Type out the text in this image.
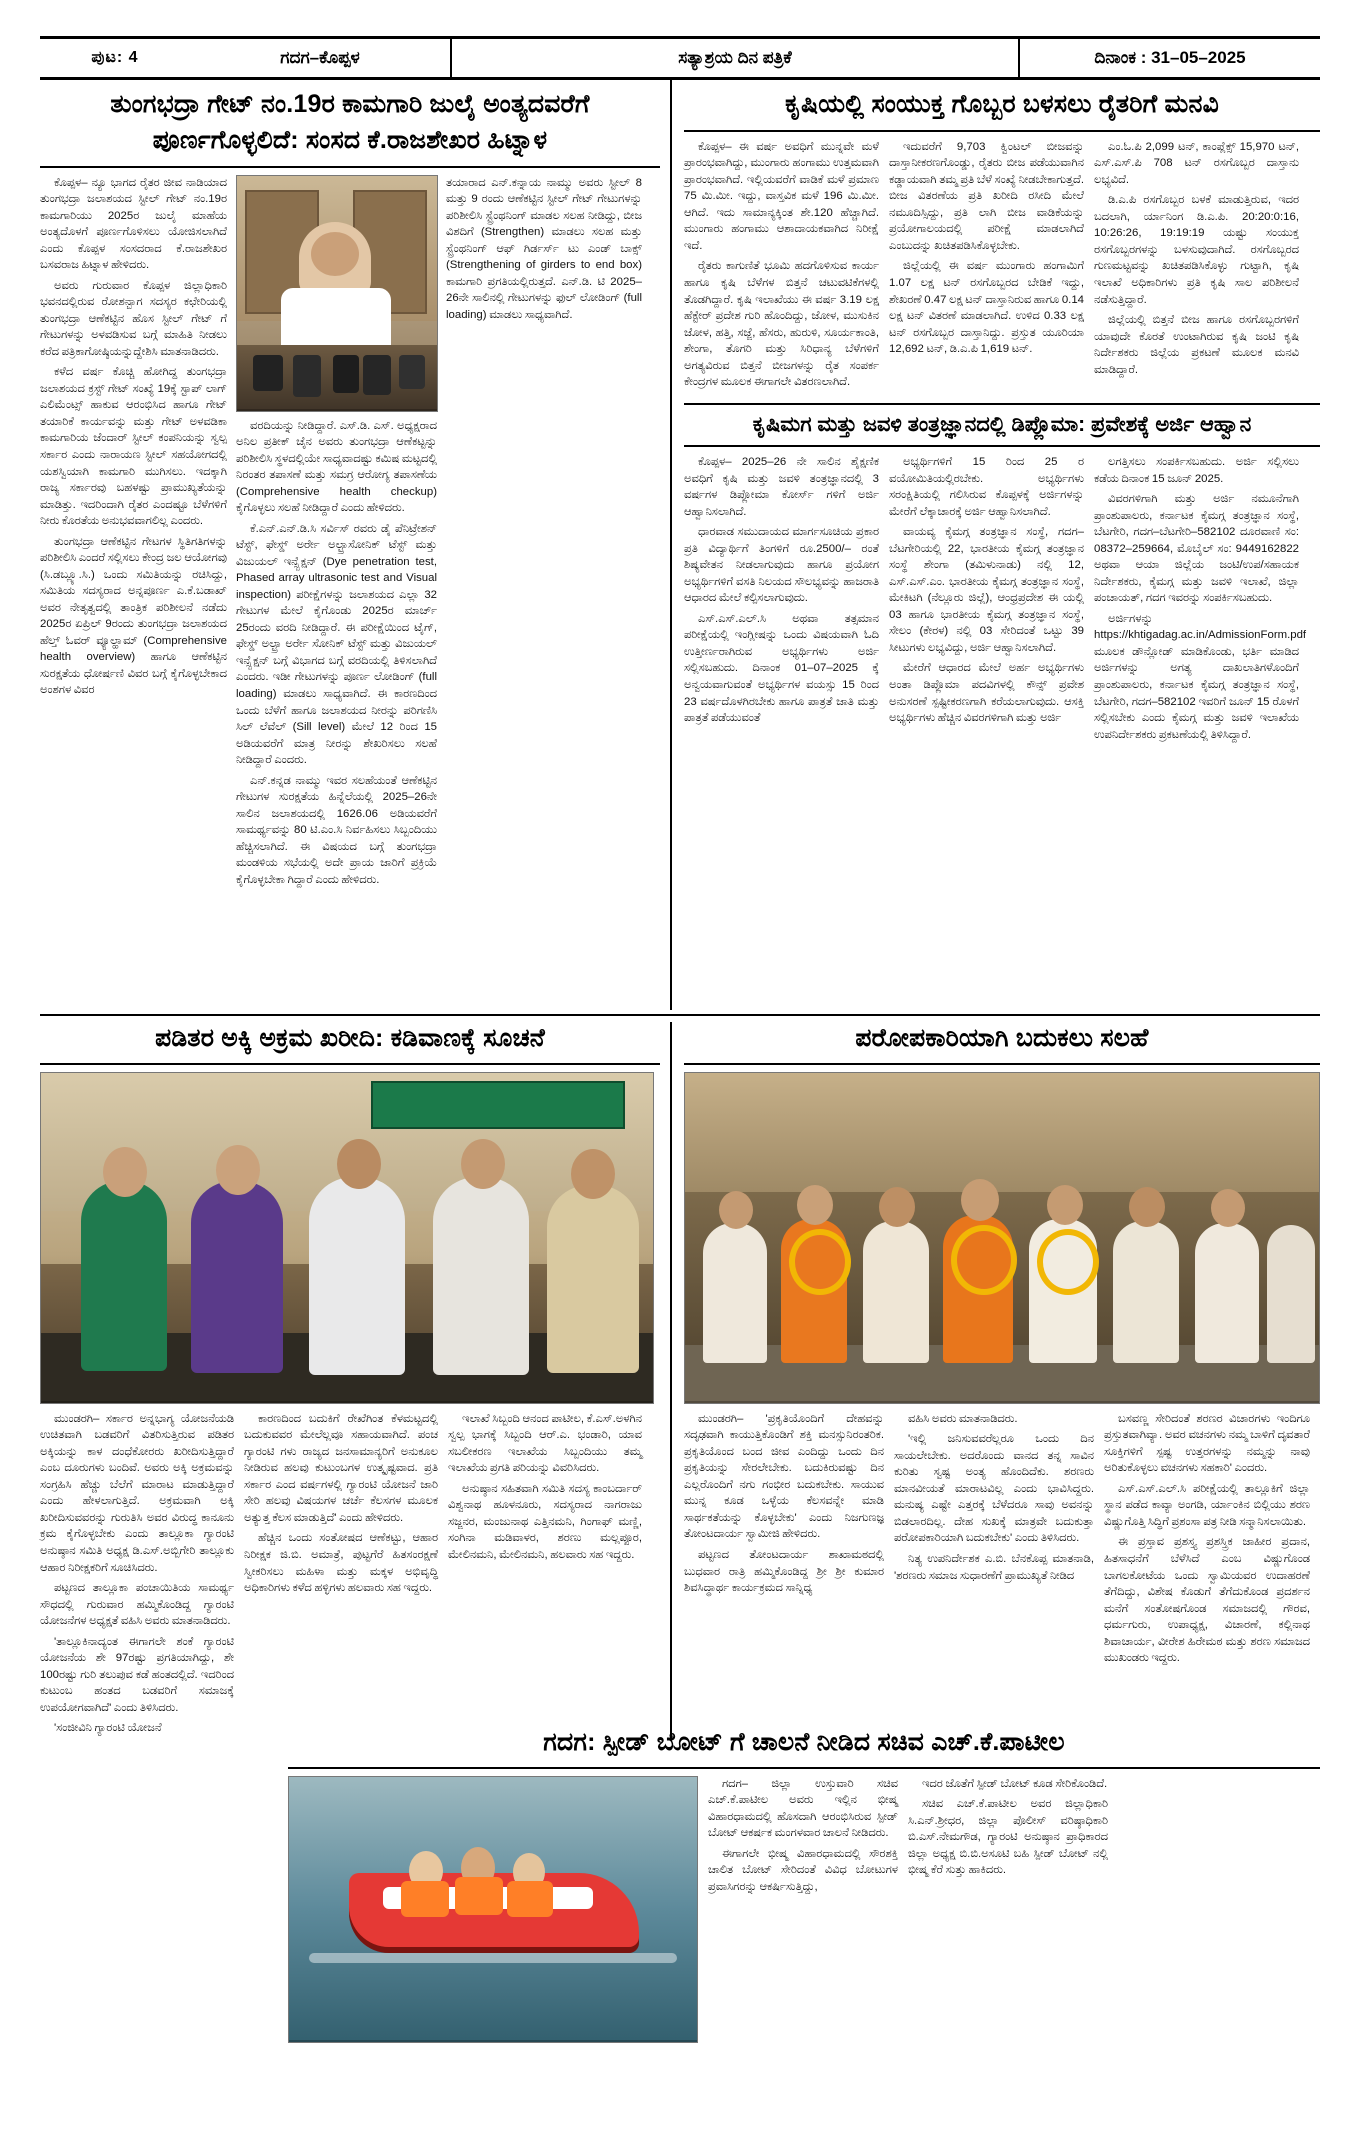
ಪುಟ: 4	ಗದಗ–ಕೊಪ್ಪಳ	ಸತ್ಯಾಶ್ರಯ ದಿನ ಪತ್ರಿಕೆ	ದಿನಾಂಕ : 31–05–2025
ತುಂಗಭದ್ರಾ ಗೇಟ್ ನಂ.19ರ ಕಾಮಗಾರಿ ಜುಲೈ ಅಂತ್ಯದವರೆಗೆ
ಪೂರ್ಣಗೊಳ್ಳಲಿದೆ: ಸಂಸದ ಕೆ.ರಾಜಶೇಖರ ಹಿಟ್ನಾಳ

ಕೊಪ್ಪಳ– ನ್ಯೂ ಭಾಗದ ರೈತರ ಜೀವ ನಾಡಿಯಾದ ತುಂಗಭದ್ರಾ ಜಲಾಶಯದ ಸ್ಟೀಲ್ ಗೇಟ್ ನಂ.19ರ ಕಾಮಗಾರಿಯು 2025ರ ಜುಲೈ ಮಾಹೆಯ ಅಂತ್ಯದೊಳಗೆ ಪೂರ್ಣಗೊಳಿಸಲು ಯೋಜಿಸಲಾಗಿದೆ ಎಂದು ಕೊಪ್ಪಳ ಸಂಸದರಾದ ಕೆ.ರಾಜಶೇಖರ ಬಸವರಾಜ ಹಿಟ್ನಾಳ ಹೇಳಿದರು.

ಅವರು ಗುರುವಾರ ಕೊಪ್ಪಳ ಜಿಲ್ಲಾಧಿಕಾರಿ ಭವನದಲ್ಲಿರುವ ರೋಶನ್ಬಾಗ ಸದಸ್ಯರ ಕಛೇರಿಯಲ್ಲಿ ತುಂಗಭದ್ರಾ ಆಣೆಕಟ್ಟಿನ ಹೊಸ ಸ್ಟೀಲ್ ಗೇಟ್ ಗೆ ಗೇಟುಗಳನ್ನು ಅಳವಡಿಸುವ ಬಗ್ಗೆ ಮಾಹಿತಿ ನೀಡಲು ಕರೆದ ಪತ್ರಿಕಾಗೋಷ್ಠಿಯನ್ನುದ್ದೇಶಿಸಿ ಮಾತನಾಡಿದರು.

ಕಳೆದ ವರ್ಷ ಕೊಚ್ಚಿ ಹೋಗಿದ್ದ ತುಂಗಭದ್ರಾ ಜಲಾಶಯದ ಕ್ರಸ್ಟ್ ಗೇಟ್ ಸಂಖ್ಯೆ 19ಕ್ಕೆ ಸ್ಟಾಪ್ ಲಾಗ್ ಎಲಿಮೆಂಟ್ಸ್ ಹಾಕುವ ಆರಂಭಿಸಿದ ಹಾಗೂ ಗೇಟ್ ತಯಾರಿಕೆ ಕಾರ್ಯವನ್ನು ಮತ್ತು ಗೇಟ್ ಅಳವಡಿಕಾ ಕಾಮಗಾರಿಯ ಜೆಂದಾರ್ ಸ್ಟೀಲ್ ಕಂಪನಿಯನ್ನು ಸ್ವಲ್ಪ ಸರ್ಕಾರ ಎಂದು ನಾರಾಯಣ ಸ್ಟೀಲ್ ಸಹಯೋಗದಲ್ಲಿ ಯಶಸ್ವಿಯಾಗಿ ಕಾಮಗಾರಿ ಮುಗಿಸಲು. ಇದಕ್ಕಾಗಿ ರಾಜ್ಯ ಸರ್ಕಾರವು ಬಹಳಷ್ಟು ಪ್ರಾಮುಖ್ಯತೆಯನ್ನು ಮಾಡಿತ್ತು. ಇದರಿಂದಾಗಿ ರೈತರ ಎಂದಷ್ಟೂ ಬೆಳೆಗಳಿಗೆ ನೀರು ಕೊರತೆಯ ಅನುಭವವಾಗಲಿಲ್ಲ ಎಂದರು.

ತುಂಗಭದ್ರಾ ಆಣೆಕಟ್ಟಿನ ಗೇಟಗಳ ಸ್ಥಿತಿಗತಿಗಳನ್ನು ಪರಿಶೀಲಿಸಿ ಎಂದರೆ ಸಲ್ಲಿಸಲು ಕೇಂದ್ರ ಜಲ ಆಯೋಗವು (ಸಿ.ಡಬ್ಲ್ಯೂ.ಸಿ.) ಒಂದು ಸಮಿತಿಯನ್ನು ರಚಿಸಿದ್ದು, ಸಮಿತಿಯ ಸದಸ್ಯರಾದ ಅನ್ನಪೂರ್ಣ ಎ.ಕೆ.ಬಡಾಖ್ ಅವರ ನೇತೃತ್ವದಲ್ಲಿ ತಾಂತ್ರಿಕ ಪರಿಶೀಲನೆ ನಡೆದು 2025ರ ಏಪ್ರಿಲ್ 9ರಂದು ತುಂಗಭದ್ರಾ ಜಲಾಶಯದ ಹೆಲ್ತ್ ಓವರ್ ವ್ಯೂಲ್ಹಾಮ್ (Comprehensive health overview) ಹಾಗೂ ಆಣೆಕಟ್ಟಿನ ಸುರಕ್ಷತೆಯ ಧೋರ್ಷಣಿ ವಿವರ ಬಗ್ಗೆ ಕೈಗೊಳ್ಳಬೇಕಾದ ಅಂಶಗಳ ವಿವರ

ವರದಿಯನ್ನು ನೀಡಿದ್ದಾರೆ. ಎಸ್.ಡಿ. ಎಸ್. ಅಧ್ಯಕ್ಷರಾದ ಅನಿಲ ಪ್ರತೀಕ್ ಚೈನ ಅವರು ತುಂಗಭದ್ರಾ ಆಣೆಕಟ್ಟನ್ನು ಪರಿಶೀಲಿಸಿ ಸ್ಥಳದಲ್ಲಿಯೇ ಸಾಧ್ಯವಾದಷ್ಟು ಕಮಿಷ ಮಟ್ಟದಲ್ಲಿ ನಿರಂತರ ತಪಾಸಣೆ ಮತ್ತು ಸಮಗ್ರ ಆರೋಗ್ಯ ತಪಾಸಣೆಯ (Comprehensive health checkup) ಕೈಗೊಳ್ಳಲು ಸಲಹೆ ನೀಡಿದ್ದಾರೆ ಎಂದು ಹೇಳಿದರು.

ಕೆ.ಎನ್.ಎನ್.ಡಿ.ಸಿ ಸರ್ವಿಸ್ ರವರು ಡೈ ಪೆನಿಟ್ರೇಶನ್ ಟೆಸ್ಟ್, ಫೇಸ್ಡ್ ಅರ್ರೇ ಅಲ್ಟ್ರಾಸೋನಿಕ್ ಟೆಸ್ಟ್ ಮತ್ತು ವಿಜುಯಲ್ ಇನ್ಸ್ಪೆಕ್ಷನ್ (Dye penetration test, Phased array ultrasonic test and Visual inspection) ಪರೀಕ್ಷೆಗಳನ್ನು ಜಲಾಶಯದ ಎಲ್ಲಾ 32 ಗೇಟುಗಳ ಮೇಲೆ ಕೈಗೊಂಡು 2025ರ ಮಾರ್ಚ್ 25ರಂದು ವರದಿ ನೀಡಿದ್ದಾರೆ. ಈ ಪರೀಕ್ಷೆಯಿಂದ ಟೈಗ್, ಫೇಸ್ಡ್ ಅಲ್ಟ್ರಾ ಅರ್ರೇ ಸೋನಿಕ್ ಟೆಸ್ಟ್ ಮತ್ತು ವಿಜುಯಲ್ ಇನ್ಸ್ಪೆಕ್ಷನ್ ಬಗ್ಗೆ ವಿಭಾಗದ ಬಗ್ಗೆ ವರದಿಯಲ್ಲಿ ತಿಳಿಸಲಾಗಿದೆ ಎಂದರು. ಇಡೀ ಗೇಟುಗಳನ್ನು ಪೂರ್ಣ ಲೋಡಿಂಗ್ (full loading) ಮಾಡಲು ಸಾಧ್ಯವಾಗಿದೆ. ಈ ಕಾರಣದಿಂದ ಒಂದು ಬೆಳೆಗೆ ಹಾಗೂ ಜಲಾಶಯದ ನೀರನ್ನು ಪರಿಗಣಿಸಿ ಸಿಲ್ ಲೆವೆಲ್ (Sill level) ಮೇಲೆ 12 ರಿಂದ 15 ಅಡಿಯವರೆಗೆ ಮಾತ್ರ ನೀರನ್ನು ಶೇಖರಿಸಲು ಸಲಹೆ ನೀಡಿದ್ದಾರೆ ಎಂದರು.

ಎನ್.ಕನ್ನಡ ನಾಮ್ಮು ಇವರ ಸಲಹೆಯಂತೆ ಆಣೆಕಟ್ಟಿನ ಗೇಟುಗಳ ಸುರಕ್ಷತೆಯ ಹಿನ್ನೆಲೆಯಲ್ಲಿ 2025–26ನೇ ಸಾಲಿನ ಜಲಾಶಯದಲ್ಲಿ 1626.06 ಅಡಿಯವರೆಗೆ ಸಾಮರ್ಥ್ಯವನ್ನು 80 ಟಿ.ಎಂ.ಸಿ ನಿರ್ವಹಿಸಲು ಸಿಬ್ಬಂದಿಯು ಹೆಚ್ಚಿಸಲಾಗಿದೆ. ಈ ವಿಷಯದ ಬಗ್ಗೆ ತುಂಗಭದ್ರಾ ಮಂಡಳಿಯ ಸಭೆಯಲ್ಲಿ ಅದೇ ಪ್ರಾಯ ಜಾರಿಗೆ ಪ್ರಕ್ರಿಯೆ ಕೈಗೊಳ್ಳಬೇಕಾ ಗಿದ್ದಾರೆ ಎಂದು ಹೇಳಿದರು.

ತಯಾರಾದ ಎನ್.ಕನ್ನಾಯ ನಾಮ್ಮು ಅವರು ಸ್ಟೀಲ್ 8 ಮತ್ತು 9 ರಂದು ಆಣೆಕಟ್ಟಿನ ಸ್ಟೀಲ್ ಗೇಟ್ ಗೇಟುಗಳನ್ನು ಪರಿಶೀಲಿಸಿ ಸ್ಟ್ರೆಂಥನಿಂಗ್ ಮಾಡಲ ಸಲಹ ನೀಡಿದ್ದು, ಬೀಜ ವಿಶದಿಗೆ (Strengthen) ಮಾಡಲು ಸಲಹ ಮತ್ತು ಸ್ಟ್ರೆಂಥನಿಂಗ್ ಆಫ್ ಗಿರ್ಡರ್ಸ್ ಟು ಎಂಡ್ ಬಾಕ್ಸ್ (Strengthening of girders to end box) ಕಾಮಗಾರಿ ಪ್ರಗತಿಯಲ್ಲಿರುತ್ತದೆ. ಎನ್.ಡಿ. ಟಿ 2025–26ನೇ ಸಾಲಿನಲ್ಲಿ ಗೇಟುಗಳನ್ನು ಫುಲ್ ಲೋಡಿಂಗ್ (full loading) ಮಾಡಲು ಸಾಧ್ಯವಾಗಿದೆ.
ಕೃಷಿಯಲ್ಲಿ ಸಂಯುಕ್ತ ಗೊಬ್ಬರ ಬಳಸಲು ರೈತರಿಗೆ ಮನವಿ

ಕೊಪ್ಪಳ– ಈ ವರ್ಷ ಅವಧಿಗೆ ಮುನ್ನವೇ ಮಳೆ ಪ್ರಾರಂಭವಾಗಿದ್ದು, ಮುಂಗಾರು ಹಂಗಾಮು ಉತ್ತಮವಾಗಿ ಪ್ರಾರಂಭವಾಗಿದೆ. ಇಲ್ಲಿಯವರೆಗೆ ವಾಡಿಕೆ ಮಳೆ ಪ್ರಮಾಣ 75 ಮಿ.ಮೀ. ಇದ್ದು, ವಾಸ್ತವಿಕ ಮಳೆ 196 ಮಿ.ಮೀ. ಆಗಿದೆ. ಇದು ಸಾಮಾನ್ಯಕ್ಕಿಂತ ಶೇ.120 ಹೆಚ್ಚಾಗಿದೆ. ಮುಂಗಾರು ಹಂಗಾಮು ಆಶಾದಾಯಕವಾಗಿದ ನಿರೀಕ್ಷೆ ಇದೆ.

ರೈತರು ಕಾಗುಣಿತೆ ಭೂಮಿ ಹದಗೊಳಿಸುವ ಕಾರ್ಯ ಹಾಗೂ ಕೃಷಿ ಬೆಳೆಗಳ ಬಿತ್ತನೆ ಚಟುವಟಿಕೆಗಳಲ್ಲಿ ತೊಡಗಿದ್ದಾರೆ. ಕೃಷಿ ಇಲಾಖೆಯು ಈ ವರ್ಷ 3.19 ಲಕ್ಷ ಹೆಕ್ಟೇರ್ ಪ್ರದೇಶ ಗುರಿ ಹೊಂದಿದ್ದು, ಜೋಳ, ಮುಸುಕಿನ ಜೋಳ, ಹತ್ತಿ, ಸಜ್ಜೆ, ಹೆಸರು, ಹುರುಳಿ, ಸೂರ್ಯಕಾಂತಿ, ಶೇಂಗಾ, ತೊಗರಿ ಮತ್ತು ಸಿರಿಧಾನ್ಯ ಬೆಳೆಗಳಿಗೆ ಅಗತ್ಯವಿರುವ ಬಿತ್ತನೆ ಬೀಜಗಳನ್ನು ರೈತ ಸಂಪರ್ಕ ಕೇಂದ್ರಗಳ ಮೂಲಕ ಈಗಾಗಲೇ ವಿತರಣಲಾಗಿದೆ.

ಇದುವರೆಗೆ 9,703 ಕ್ವಿಂಟಲ್ ಬೀಜವನ್ನು ದಾಸ್ತಾನೀಕರಣಗೊಂಡ್ಡು, ರೈತರು ಬೀಜ ಪಡೆಯುವಾಗಿನ ಕಡ್ಡಾಯವಾಗಿ ತಮ್ಮ ಪ್ರತಿ ಬೆಳೆ ಸಂಖ್ಯೆ ನೀಡಬೇಕಾಗುತ್ತದೆ. ಬೀಜ ವಿತರಣೆಯ ಪ್ರತಿ ಖರೀದಿ ರಸೀದಿ ಮೇಲೆ ನಮೂದಿಸ್ಸಿದ್ದು, ಪ್ರತಿ ಲಾಗಿ ಬೀಜ ವಾಡಿಕೆಯನ್ನು ಪ್ರಯೋಗಾಲಯದಲ್ಲಿ ಪರೀಕ್ಷೆ ಮಾಡಲಾಗಿದೆ ಎಂಬುದನ್ನು ಖಚಿತಪಡಿಸಿಕೊಳ್ಳಬೇಕು.

ಜಿಲ್ಲೆಯಲ್ಲಿ ಈ ವರ್ಷ ಮುಂಗಾರು ಹಂಗಾಮಿಗೆ 1.07 ಲಕ್ಷ ಟನ್ ರಸಗೊಬ್ಬರದ ಬೇಡಿಕೆ ಇದ್ದು, ಶೇಖರಣೆ 0.47 ಲಕ್ಷ ಟನ್ ದಾಸ್ತಾನಿರುವ ಹಾಗೂ 0.14 ಲಕ್ಷ ಟನ್ ವಿತರಣೆ ಮಾಡಲಾಗಿದೆ. ಉಳಿದ 0.33 ಲಕ್ಷ ಟನ್ ರಸಗೊಬ್ಬರ ದಾಸ್ತಾನಿದ್ದು. ಪ್ರಸ್ತುತ ಯೂರಿಯಾ 12,692 ಟನ್, ಡಿ.ಎ.ಪಿ 1,619 ಟನ್.

ಎಂ.ಓ.ಪಿ 2,099 ಟನ್, ಕಾಂಪ್ಲೆಕ್ಸ್ 15,970 ಟನ್, ಎಸ್.ಎಸ್.ಪಿ 708 ಟನ್ ರಸಗೊಬ್ಬರ ದಾಸ್ತಾನು ಲಭ್ಯವಿದೆ.

ಡಿ.ಎ.ಪಿ ರಸಗೊಬ್ಬರ ಬಳಕೆ ಮಾಡುತ್ತಿರುವ, ಇದರ ಬದಲಾಗಿ, ರ್ಯಾನಿಂಗ ಡಿ.ಎ.ಪಿ. 20:20:0:16, 10:26:26, 19:19:19 ಯಷ್ಟು ಸಂಯುಕ್ತ ರಸಗೊಬ್ಬರಗಳನ್ನು ಬಳಸುವುದಾಗಿದೆ. ರಸಗೊಬ್ಬರದ ಗುಣಮಟ್ಟವನ್ನು ಖಚಿತಪಡಿಸಿಕೊಳ್ಳು ಗುಟ್ಟಾಗಿ, ಕೃಷಿ ಇಲಾಖೆ ಅಧಿಕಾರಿಗಳು ಪ್ರತಿ ಕೃಷಿ ಸಾಲ ಪರಿಶೀಲನೆ ನಡೆಸುತ್ತಿದ್ದಾರೆ.

ಜಿಲ್ಲೆಯಲ್ಲಿ ಬಿತ್ತನೆ ಬೀಜ ಹಾಗೂ ರಸಗೊಬ್ಬರಗಳಿಗೆ ಯಾವುದೇ ಕೊರತೆ ಉಂಟಾಗಿರುವ ಕೃಷಿ ಜಂಟಿ ಕೃಷಿ ನಿರ್ದೇಶಕರು ಜಿಲ್ಲೆಯ ಪ್ರಕಟಣೆ ಮೂಲಕ ಮನವಿ ಮಾಡಿದ್ದಾರೆ.

ಕೃಷಿಮಗ ಮತ್ತು ಜವಳಿ ತಂತ್ರಜ್ಞಾನದಲ್ಲಿ ಡಿಪ್ಲೊಮಾ: ಪ್ರವೇಶಕ್ಕೆ ಅರ್ಜಿ ಆಹ್ವಾನ

ಕೊಪ್ಪಳ– 2025–26 ನೇ ಸಾಲಿನ ಶೈಕ್ಷಣಿಕ ಅವಧಿಗೆ ಕೃಷಿ ಮತ್ತು ಜವಳಿ ತಂತ್ರಜ್ಞಾನದಲ್ಲಿ 3 ವರ್ಷಗಳ ಡಿಪ್ಲೋಮಾ ಕೋರ್ಸ್ ಗಳಿಗೆ ಅರ್ಜಿ ಆಹ್ವಾನಿಸಲಾಗಿದೆ.

ಧಾರವಾಡ ಸಮುದಾಯದ ಮಾರ್ಗಸೂಚಿಯ ಪ್ರಕಾರ ಪ್ರತಿ ವಿದ್ಯಾರ್ಥಿಗೆ ತಿಂಗಳಿಗೆ ರೂ.2500/– ರಂತೆ ಶಿಷ್ಯವೇತನ ನೀಡಲಾಗುವುದು ಹಾಗೂ ಪ್ರಯೋಗ ಅಭ್ಯರ್ಥಿಗಳಿಗೆ ವಸತಿ ನಿಲಯದ ಸೌಲಭ್ಯವನ್ನು ಹಾಜರಾತಿ ಆಧಾರದ ಮೇಲೆ ಕಲ್ಪಿಸಲಾಗುವುದು.

ಎಸ್.ಎಸ್.ಎಲ್.ಸಿ ಅಥವಾ ತತ್ಸಮಾನ ಪರೀಕ್ಷೆಯಲ್ಲಿ ಇಂಗ್ಲೀಷನ್ನು ಒಂದು ವಿಷಯವಾಗಿ ಓದಿ ಉತ್ತೀರ್ಣರಾಗಿರುವ ಅಭ್ಯರ್ಥಿಗಳು ಅರ್ಜಿ ಸಲ್ಲಿಸಬಹುದು. ದಿನಾಂಕ 01–07–2025 ಕ್ಕೆ ಅನ್ವಯವಾಗುವಂತೆ ಅಭ್ಯರ್ಥಿಗಳ ವಯಸ್ಸು 15 ರಿಂದ 23 ವರ್ಷದೊಳಗಿರಬೇಕು ಹಾಗೂ ಪಾತ್ರತೆ ಜಾತಿ ಮತ್ತು ಪಾತ್ರತೆ ಪಡೆಯುವಂತೆ

ಅಭ್ಯರ್ಥಿಗಳಿಗೆ 15 ರಿಂದ 25 ರ ವಯೋಮಿತಿಯಲ್ಲಿರಬೇಕು. ಅಭ್ಯರ್ಥಿಗಳು ಸರಂಕ್ಷಿತಿಯಲ್ಲಿ ಗಲಿಸಿರುವ ಕೊಪ್ಪಳಕ್ಕೆ ಅರ್ಜಿಗಳನ್ನು ಮೇರೆಗೆ ಲೆಕ್ಕಾಚಾರಕ್ಕೆ ಅರ್ಜಿ ಆಹ್ವಾನಿಸಲಾಗಿದೆ.

ವಾಯವ್ಯ ಕೈಮಗ್ಗ ತಂತ್ರಜ್ಞಾನ ಸಂಸ್ಥೆ, ಗದಗ–ಬೆಟಗೇರಿಯಲ್ಲಿ 22, ಭಾರತೀಯ ಕೈಮಗ್ಗ ತಂತ್ರಜ್ಞಾನ ಸಂಸ್ಥೆ ಶೇಂಗಾ (ತಮಿಳುನಾಡು) ನಲ್ಲಿ 12, ಎಸ್.ಎಸ್.ಎಂ. ಭಾರತೀಯ ಕೈಮಗ್ಗ ತಂತ್ರಜ್ಞಾನ ಸಂಸ್ಥೆ, ಮೇಕಿಟಗಿ (ನೆಲ್ಲೂರು ಜಿಲ್ಲೆ), ಆಂಧ್ರಪ್ರದೇಶ ಈ ಯಲ್ಲಿ 03 ಹಾಗೂ ಭಾರತೀಯ ಕೈಮಗ್ಗ ತಂತ್ರಜ್ಞಾನ ಸಂಸ್ಥೆ, ಸೇಲಂ (ಕೇರಳ) ನಲ್ಲಿ 03 ಸೇರಿದಂತೆ ಒಟ್ಟು 39 ಸೀಟುಗಳು ಲಭ್ಯವಿದ್ದು, ಅರ್ಜಿ ಆಹ್ವಾನಿಸಲಾಗಿದೆ.

ಮೇರೆಗೆ ಆಧಾರದ ಮೇಲೆ ಅರ್ಹ ಅಭ್ಯರ್ಥಿಗಳು ಅಂತಾ ಡಿಪ್ಲೊಮಾ ಪದವಿಗಳಲ್ಲಿ ಕೌನ್ಸ್ ಪ್ರವೇಶ ಅನುಸರಣೆ ಸ್ಪಷ್ಟೀಕರಣಗಾಗಿ ಕರೆಯಲಾಗುವುದು. ಆಸಕ್ತಿ ಅಭ್ಯರ್ಥಿಗಳು ಹೆಚ್ಚಿನ ವಿವರಗಳಿಗಾಗಿ ಮತ್ತು ಅರ್ಜಿ

ಲಗತ್ತಿಸಲು ಸಂಪರ್ಕಿಸಬಹುದು. ಅರ್ಜಿ ಸಲ್ಲಿಸಲು ಕಡೆಯ ದಿನಾಂಕ 15 ಜೂನ್ 2025.

ವಿವರಗಳಿಗಾಗಿ ಮತ್ತು ಅರ್ಜಿ ನಮೂನೆಗಾಗಿ ಪ್ರಾಂಶುಪಾಲರು, ಕರ್ನಾಟಕ ಕೈಮಗ್ಗ ತಂತ್ರಜ್ಞಾನ ಸಂಸ್ಥೆ, ಬೆಟಗೇರಿ, ಗದಗ–ಬೆಟಗೇರಿ–582102 ದೂರವಾಣಿ ಸಂ: 08372–259664, ಮೊಬೈಲ್ ಸಂ: 9449162822 ಅಥವಾ ಆಯಾ ಜಿಲ್ಲೆಯ ಜಂಟಿ/ಉಪ/ಸಹಾಯಕ ನಿರ್ದೇಶಕರು, ಕೈಮಗ್ಗ ಮತ್ತು ಜವಳಿ ಇಲಾಖೆ, ಜಿಲ್ಲಾ ಪಂಚಾಯತ್, ಗದಗ ಇವರನ್ನು ಸಂಪರ್ಕಿಸಬಹುದು.

ಅರ್ಜಿಗಳನ್ನು https://khtigadag.ac.in/AdmissionForm.pdf ಮೂಲಕ ಡೌನ್ಲೋಡ್ ಮಾಡಿಕೊಂಡು, ಭರ್ತಿ ಮಾಡಿದ ಅರ್ಜಿಗಳನ್ನು ಅಗತ್ಯ ದಾಖಲಾತಿಗಳೊಂದಿಗೆ ಪ್ರಾಂಶುಪಾಲರು, ಕರ್ನಾಟಕ ಕೈಮಗ್ಗ ತಂತ್ರಜ್ಞಾನ ಸಂಸ್ಥೆ, ಬೆಟಗೇರಿ, ಗದಗ–582102 ಇವರಿಗೆ ಜೂನ್ 15 ರೊಳಗೆ ಸಲ್ಲಿಸಬೇಕು ಎಂದು ಕೈಮಗ್ಗ ಮತ್ತು ಜವಳಿ ಇಲಾಖೆಯ ಉಪನಿರ್ದೇಶಕರು ಪ್ರಕಟಣೆಯಲ್ಲಿ ತಿಳಿಸಿದ್ದಾರೆ.

ಪಡಿತರ ಅಕ್ಕಿ ಅಕ್ರಮ ಖರೀದಿ: ಕಡಿವಾಣಕ್ಕೆ ಸೂಚನೆ

ಮುಂಡರಗಿ– ಸರ್ಕಾರ ಅನ್ನಭಾಗ್ಯ ಯೋಜನೆಯಡಿ ಉಚಿತವಾಗಿ ಬಡವರಿಗೆ ವಿತರಿಸುತ್ತಿರುವ ಪಡಿತರ ಅಕ್ಕಿಯನ್ನು ಕಾಳ ದಂಧೆಕೋರರು ಖರೀದಿಸುತ್ತಿದ್ದಾರೆ ಎಂಬ ದೂರುಗಳು ಬಂದಿವೆ. ಅವರು ಅಕ್ಕಿ ಅಕ್ರಮವನ್ನು ಸಂಗ್ರಹಿಸಿ ಹೆಚ್ಚು ಬೆಲೆಗೆ ಮಾರಾಟ ಮಾಡುತ್ತಿದ್ದಾರೆ ಎಂದು ಹೇಳಲಾಗುತ್ತಿದೆ. ಅಕ್ರಮವಾಗಿ ಅಕ್ಕಿ ಖರೀದಿಸುವವರನ್ನು ಗುರುತಿಸಿ ಅವರ ವಿರುದ್ಧ ಕಾನೂನು ಕ್ರಮ ಕೈಗೊಳ್ಳಬೇಕು ಎಂದು ತಾಲ್ಲೂಕಾ ಗ್ಯಾರಂಟಿ ಅನುಷ್ಠಾನ ಸಮಿತಿ ಅಧ್ಯಕ್ಷ ಡಿ.ಎಸ್.ಅಬ್ಬಿಗೇರಿ ತಾಲ್ಲೂಕು ಆಹಾರ ನಿರೀಕ್ಷಕರಿಗೆ ಸೂಚಿಸಿದರು.

ಪಟ್ಟಣದ ತಾಲ್ಲೂಕಾ ಪಂಚಾಯಿತಿಯ ಸಾಮರ್ಥ್ಯ ಸೌಧದಲ್ಲಿ ಗುರುವಾರ ಹಮ್ಮಿಕೊಂಡಿದ್ದ ಗ್ಯಾರಂಟಿ ಯೋಜನೆಗಳ ಅಧ್ಯಕ್ಷತೆ ವಹಿಸಿ ಅವರು ಮಾತನಾಡಿದರು.

'ತಾಲ್ಲೂಕಿನಾದ್ಯಂತ ಈಗಾಗಲೇ ಶಂಕೆ ಗ್ಯಾರಂಟಿ ಯೋಜನೆಯ ಶೇ 97ರಷ್ಟು ಪ್ರಗತಿಯಾಗಿದ್ದು, ಶೇ 100ರಷ್ಟು ಗುರಿ ತಲುಪುವ ಕಡೆ ಹಂತದಲ್ಲಿದೆ. ಇದರಿಂದ ಕುಟುಂಬ ಹಂತದ ಬಡವರಿಗೆ ಸಮಾಜಕ್ಕೆ ಉಪಯೋಗವಾಗಿದೆ' ಎಂದು ತಿಳಿಸಿದರು.

'ಸಂಜೀವಿನಿ ಗ್ಯಾರಂಟಿ ಯೋಜನೆ

ಕಾರಣದಿಂದ ಬದುಕಿಗೆ ರೇಖೆಗಿಂತ ಕೆಳಮಟ್ಟದಲ್ಲಿ ಬದುಕುವವರ ಮೇಲೆಲ್ಲವೂ ಸಹಾಯವಾಗಿದೆ. ಪಂಚ ಗ್ಯಾರಂಟಿ ಗಳು ರಾಜ್ಯದ ಜನಸಾಮಾನ್ಯರಿಗೆ ಅನುಕೂಲ ನೀಡಿರುವ ಹಲವು ಕುಟುಂಬಗಳ ಉತ್ಕೃಷ್ಟವಾದ. ಪ್ರತಿ ಸರ್ಕಾರ ಎಂದ ವರ್ಷಗಳಲ್ಲಿ ಗ್ಯಾರಂಟಿ ಯೋಜನೆ ಜಾರಿ ಸೇರಿ ಹಲವು ವಿಷಯಗಳ ಚರ್ಚೆ ಕೆಲಸಗಳ ಮೂಲಕ ಅತ್ಯುತ್ತ ಕೆಲಸ ಮಾಡುತ್ತಿದೆ' ಎಂದು ಹೇಳಿದರು.

ಹೆಚ್ಚಿನ ಒಂದು ಸಂತೋಷದ ಆಣೆಕಟ್ಟು, ಆಹಾರ ನಿರೀಕ್ಷಕ ಜಿ.ಬಿ. ಅಮಾತ್ರೆ, ಪುಟ್ಟಗೆರೆ ಹಿತಸಂರಕ್ಷಣೆ ಸ್ವೀಕರಿಸಲು ಮಹಿಳಾ ಮತ್ತು ಮಕ್ಕಳ ಅಭಿವೃದ್ಧಿ ಅಧಿಕಾರಿಗಳು ಕಳೆದ ಹಳ್ಳಿಗಳು ಹಲವಾರು ಸಹ ಇದ್ದರು.

ಇಲಾಖೆ ಸಿಬ್ಬಂದಿ ಆನಂದ ಪಾಟೀಲ, ಕೆ.ಎಸ್.ಅಳಗಿನ ಸ್ವಲ್ಪ ಭಾಗಕ್ಕೆ ಸಿಬ್ಬಂದಿ ಆರ್.ಎ. ಭಂಡಾರಿ, ಯಾವ ಸಬಲೀಕರಣ ಇಲಾಖೆಯ ಸಿಬ್ಬಂದಿಯು ತಮ್ಮ ಇಲಾಖೆಯ ಪ್ರಗತಿ ಪರಿಯನ್ನು ವಿವರಿಸಿದರು.

ಅನುಷ್ಠಾನ ಸಹಿತವಾಗಿ ಸಮಿತಿ ಸದಸ್ಯ ಕಾಂಬರ್ದಾರ್ ವಿಶ್ವನಾಥ ಹೂಳನೂರು, ಸದಸ್ಯರಾದ ನಾಗರಾಜು ಸಜ್ಜನರ, ಮಂಜುನಾಥ ಎತ್ತಿನಮನಿ, ಗಿಂಗಾಫ್ ಮಣ್ಣಿ, ಸಂಗಿನಾ ಮಡಿವಾಳರ, ಶರಣು ಮಲ್ಲಪ್ಪೂರ, ಮೇಲಿನಮನಿ, ಮೇಲಿನಮನಿ, ಹಲವಾರು ಸಹ ಇದ್ದರು.

ಪರೋಪಕಾರಿಯಾಗಿ ಬದುಕಲು ಸಲಹೆ

ಮುಂಡರಗಿ– 'ಪ್ರಕೃತಿಯೊಂದಿಗೆ ದೇಹವನ್ನು ಸದೃಢವಾಗಿ ಕಾಯುತ್ತಿಕೊಂಡಿಗೆ ಶಕ್ತಿ ಮನಸ್ಸುನಿರಂತರಿಕ. ಪ್ರಕೃತಿಯೊಂದ ಬಂದ ಜೀವ ಎಂದಿದ್ದು ಒಂದು ದಿನ ಪ್ರಕೃತಿಯನ್ನು ಸೇರಲೇಬೇಕು. ಬದುಕಿರುವಷ್ಟು ದಿನ ಎಲ್ಲರೊಂದಿಗೆ ನಗು ಗಂಭೀರ ಬದುಕಬೇಕು. ಸಾಯುವ ಮುನ್ನ ಕೂಡ ಒಳ್ಳೆಯ ಕೆಲಸವನ್ನೇ ಮಾಡಿ ಸಾರ್ಥಕತೆಯನ್ನು ಕೊಳ್ಳಬೇಕು' ಎಂದು ನಿಜಗುಣಜ್ಞ ತೋಂಟದಾರ್ಯ ಸ್ವಾಮೀಜಿ ಹೇಳಿದರು.

ಪಟ್ಟಣದ ತೋಂಟದಾರ್ಯ ಶಾಖಾಮಠದಲ್ಲಿ ಬುಧವಾರ ರಾತ್ರಿ ಹಮ್ಮಿಕೊಂಡಿದ್ದ ಶ್ರೀ ಶ್ರೀ ಕುಮಾರ ಶಿವಸಿದ್ಧಾರ್ಥ ಕಾರ್ಯಕ್ರಮದ ಸಾನ್ನಿಧ್ಯ

ವಹಿಸಿ ಅವರು ಮಾತನಾಡಿದರು.

'ಇಲ್ಲಿ ಜನಿಸುವವರೆಲ್ಲರೂ ಒಂದು ದಿನ ಸಾಯಲೇಬೇಕು. ಅದರೊಂದು ವಾನದ ತನ್ನ ಸಾವಿನ ಕುರಿತು ಸ್ವಷ್ಟ ಅಂತ್ಯ ಹೊಂದಿದೆಕು. ಶರಣರು ಮಾನವೀಯತೆ ಮಾರಾಟವಿಲ್ಲ ಎಂದು ಭಾವಿಸಿದ್ದರು. ಮನುಷ್ಯ ಎಷ್ಟೇ ಎತ್ತರಕ್ಕೆ ಬೆಳೆದರೂ ಸಾವು ಅವನನ್ನು ಬಿಡಲಾರದಿಲ್ಲ. ದೇಹ ಸುಖಕ್ಕೆ ಮಾತ್ರವೇ ಬದುಕುತ್ತಾ ಪರೋಪಕಾರಿಯಾಗಿ ಬದುಕಬೇಕು' ಎಂದು ತಿಳಿಸಿದರು.

ನಿತ್ಯ ಉಪನಿರ್ದೇಶಕ ಎ.ಬಿ. ಬೆನಕೊಪ್ಪ ಮಾತನಾಡಿ, 'ಶರಣರು ಸಮಾಜ ಸುಧಾರಣೆಗೆ ಪ್ರಾಮುಖ್ಯತೆ ನೀಡಿದ

ಬಸವಣ್ಣ ಸೇರಿದಂತೆ ಶರಣರ ವಿಚಾರಗಳು ಇಂದಿಗೂ ಪ್ರಸ್ತುತವಾಗಿವ್ಯಾ. ಅವರ ವಚನಗಳು ನಮ್ಮ ಬಾಳಿಗೆ ದೃವತಾರೆ ಸೂಕ್ತಿಗಳಿಗೆ ಸ್ಪಷ್ಟ ಉತ್ತರಗಳನ್ನು ನಮ್ಮನ್ನು ನಾವು ಅರಿತುಕೊಳ್ಳಲು ವಚನಗಳು ಸಹಕಾರಿ' ಎಂದರು.

ಎಸ್.ಎಸ್.ಎಲ್.ಸಿ ಪರೀಕ್ಷೆಯಲ್ಲಿ ತಾಲ್ಲೂಕಿಗೆ ಜಿಲ್ಲಾ ಸ್ಥಾನ ಪಡೆದ ಕಾವ್ಯಾ ಅಂಗಡಿ, ರ್ಯಾಂಕಿನ ಬಿಲ್ಲಿಯು ಶರಣ ವಿಷ್ಣುಗೊತ್ತಿ ಸಿದ್ಧಿಗೆ ಪ್ರಶಂಸಾ ಪತ್ರ ನೀಡಿ ಸನ್ಮಾನಿಸಲಾಯಿತು.

ಈ ಪ್ರಸ್ತಾವ ಪ್ರಶಸ್ತ್ಯ ಪ್ರಶಸ್ತ್ರಿಕ ಜಾಹೀರ ಪ್ರದಾನ, ಹಿತಸಾಧನೆಗೆ ಬೆಳೆಸಿದೆ ಎಂಬ ವಿಷ್ಣುಗೊಂಡ ಬಾಗಲಕೋಟೆಯ ಒಂದು ಸ್ವಾಮಿಯವರ ಉದಾಹರಣೆ ತೆಗೆದಿದ್ದು, ವಿಶೇಷ ಕೊಡುಗೆ ತೆಗೆದುಕೊಂಡ ಪ್ರದರ್ಶನ ಮನೆಗೆ ಸಂತೋಷಗೊಂಡ ಸಮಾಜದಲ್ಲಿ ಗೌರವ, ಧರ್ಮಗುರು, ಉಪಾಧ್ಯಕ್ಷ, ವಿಚಾರಣೆ, ಕಲ್ಲಿನಾಥ ಶಿವಾಚಾರ್ಯ, ವೀರೇಶ ಹಿರೇಮಠ ಮತ್ತು ಶರಣ ಸಮಾಜದ ಮುಖಂಡರು ಇದ್ದರು.

ಗದಗ: ಸ್ಪೀಡ್ ಬೋಟ್ ಗೆ ಚಾಲನೆ ನೀಡಿದ ಸಚಿವ ಎಚ್.ಕೆ.ಪಾಟೀಲ

ಗದಗ– ಜಿಲ್ಲಾ ಉಸ್ತುವಾರಿ ಸಚಿವ ಎಚ್.ಕೆ.ಪಾಟೀಲ ಅವರು ಇಲ್ಲಿನ ಭೀಷ್ಮ ವಿಹಾರಧಾಮದಲ್ಲಿ ಹೊಸದಾಗಿ ಆರಂಭಿಸಿರುವ ಸ್ಪೀಡ್ ಬೋಟ್ ಆಕರ್ಷಕ ಮಂಗಳವಾರ ಚಾಲನೆ ನೀಡಿದರು.

ಈಗಾಗಲೇ ಭೀಷ್ಮ ವಿಹಾರಧಾಮದಲ್ಲಿ ಸೌರಶಕ್ತಿ ಚಾಲಿತ ಬೋಟ್ ಸೇರಿದಂತೆ ವಿವಿಧ ಬೋಟುಗಳ ಪ್ರವಾಸಿಗರನ್ನು ಆಕರ್ಷಿಸುತ್ತಿದ್ದು,

ಇದರ ಜೊತೆಗೆ ಸ್ಪೀಡ್ ಬೋಟ್ ಕೂಡ ಸೇರಿಕೊಂಡಿದೆ.

ಸಚಿವ ಎಚ್.ಕೆ.ಪಾಟೀಲ ಅವರ ಜಿಲ್ಲಾಧಿಕಾರಿ ಸಿ.ಎನ್.ಶ್ರೀಧರ, ಜಿಲ್ಲಾ ಪೊಲೀಸ್ ವರಿಷ್ಠಾಧಿಕಾರಿ ಬಿ.ಎಸ್.ನೇಮಗೌಡ, ಗ್ಯಾರಂಟಿ ಅನುಷ್ಠಾನ ಪ್ರಾಧಿಕಾರದ ಜಿಲ್ಲಾ ಅಧ್ಯಕ್ಷ ಬಿ.ಬಿ.ಅಸೂಟಿ ಬಹಿ ಸ್ಪೀಡ್ ಬೋಟ್ ನಲ್ಲಿ ಭೀಷ್ಮ ಕೆರೆ ಸುತ್ತು ಹಾಕಿದರು.
